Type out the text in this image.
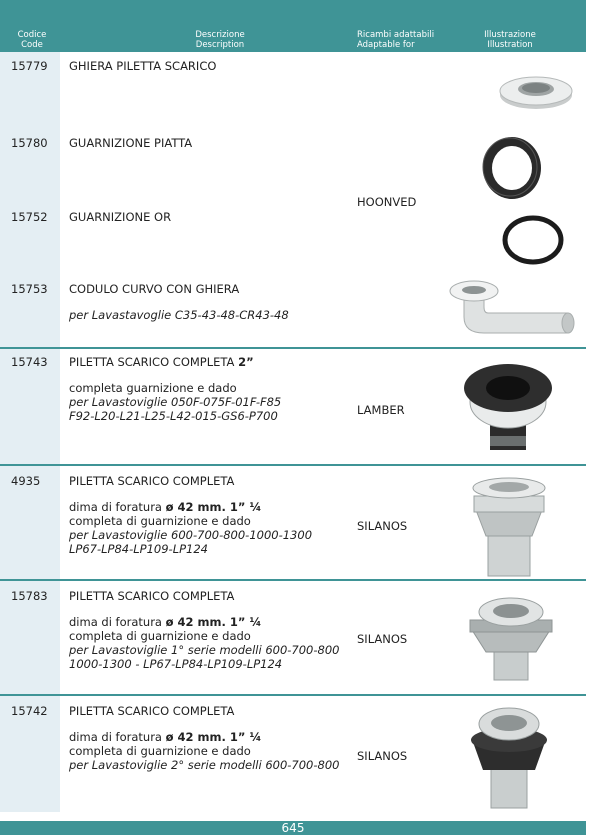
Codice
Code
Descrizione
Description
Ricambi adattabili
Adaptable for
Illustrazione
Illustration
15779 GHIERA PILETTA SCARICO
15780 GUARNIZIONE PIATTA
15752 GUARNIZIONE OR
HOONVED
15753 CODULO CURVO CON GHIERA
per Lavastavoglie C35-43-48-CR43-48
15743 PILETTA SCARICO COMPLETA 2”
completa guarnizione e dado
per Lavastoviglie 050F-075F-01F-F85
F92-L20-L21-L25-L42-015-GS6-P700	LAMBER
4935 PILETTA SCARICO COMPLETA
dima di foratura ø 42 mm. 1” ¼
completa di guarnizione e dado
per Lavastoviglie 600-700-800-1000-1300
LP67-LP84-LP109-LP124
SILANOS
15783 PILETTA SCARICO COMPLETA
dima di foratura ø 42 mm. 1” ¼
completa di guarnizione e dado
per Lavastoviglie 1° serie modelli 600-700-800
1000-1300 - LP67-LP84-LP109-LP124
SILANOS
15742 PILETTA SCARICO COMPLETA
dima di foratura ø 42 mm. 1” ¼
completa di guarnizione e dado
per Lavastoviglie 2° serie modelli 600-700-800
SILANOS
645
